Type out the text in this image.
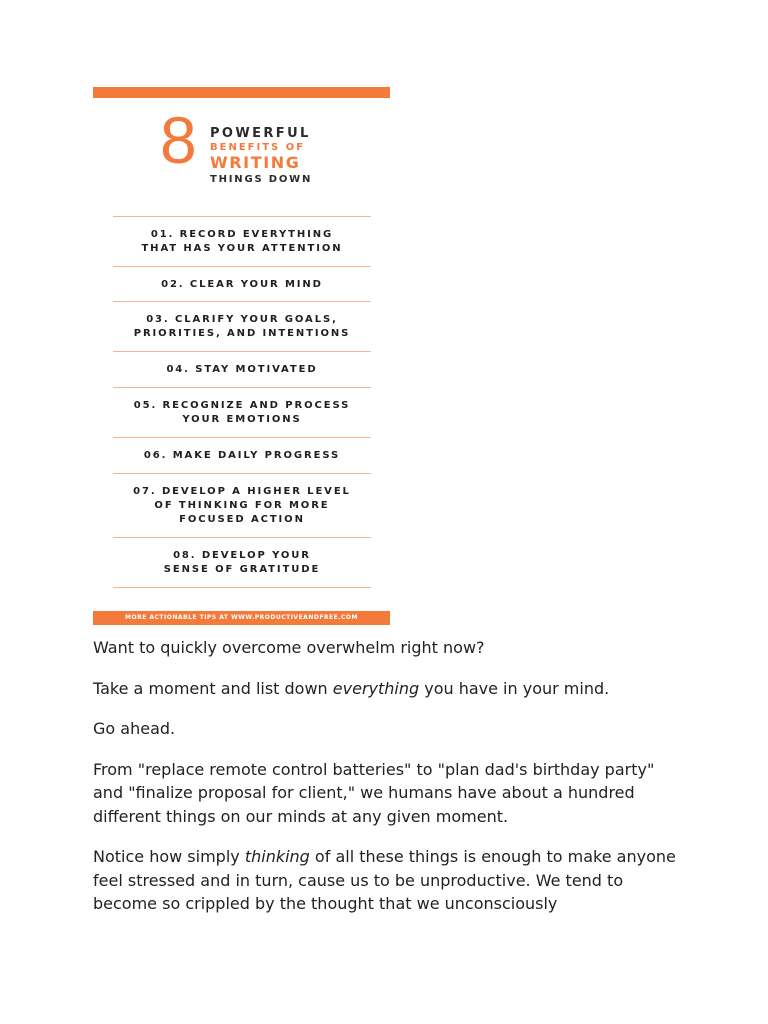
8 POWERFUL
BENEFITS OF
WRITING
THINGS DOWN
01. RECORD EVERYTHING
THAT HAS YOUR ATTENTION
02. CLEAR YOUR MIND
03. CLARIFY YOUR GOALS,
PRIORITIES, AND INTENTIONS
04. STAY MOTIVATED
05. RECOGNIZE AND PROCESS
YOUR EMOTIONS
06. MAKE DAILY PROGRESS
07. DEVELOP A HIGHER LEVEL
OF THINKING FOR MORE
FOCUSED ACTION
08. DEVELOP YOUR
SENSE OF GRATITUDE
MORE ACTIONABLE TIPS AT WWW.PRODUCTIVEANDFREE.COM

Want to quickly overcome overwhelm right now?

Take a moment and list down everything you have in your mind.

Go ahead.

From "replace remote control batteries" to "plan dad's birthday party" and "finalize proposal for client," we humans have about a hundred different things on our minds at any given moment.

Notice how simply thinking of all these things is enough to make anyone feel stressed and in turn, cause us to be unproductive. We tend to become so crippled by the thought that we unconsciously
